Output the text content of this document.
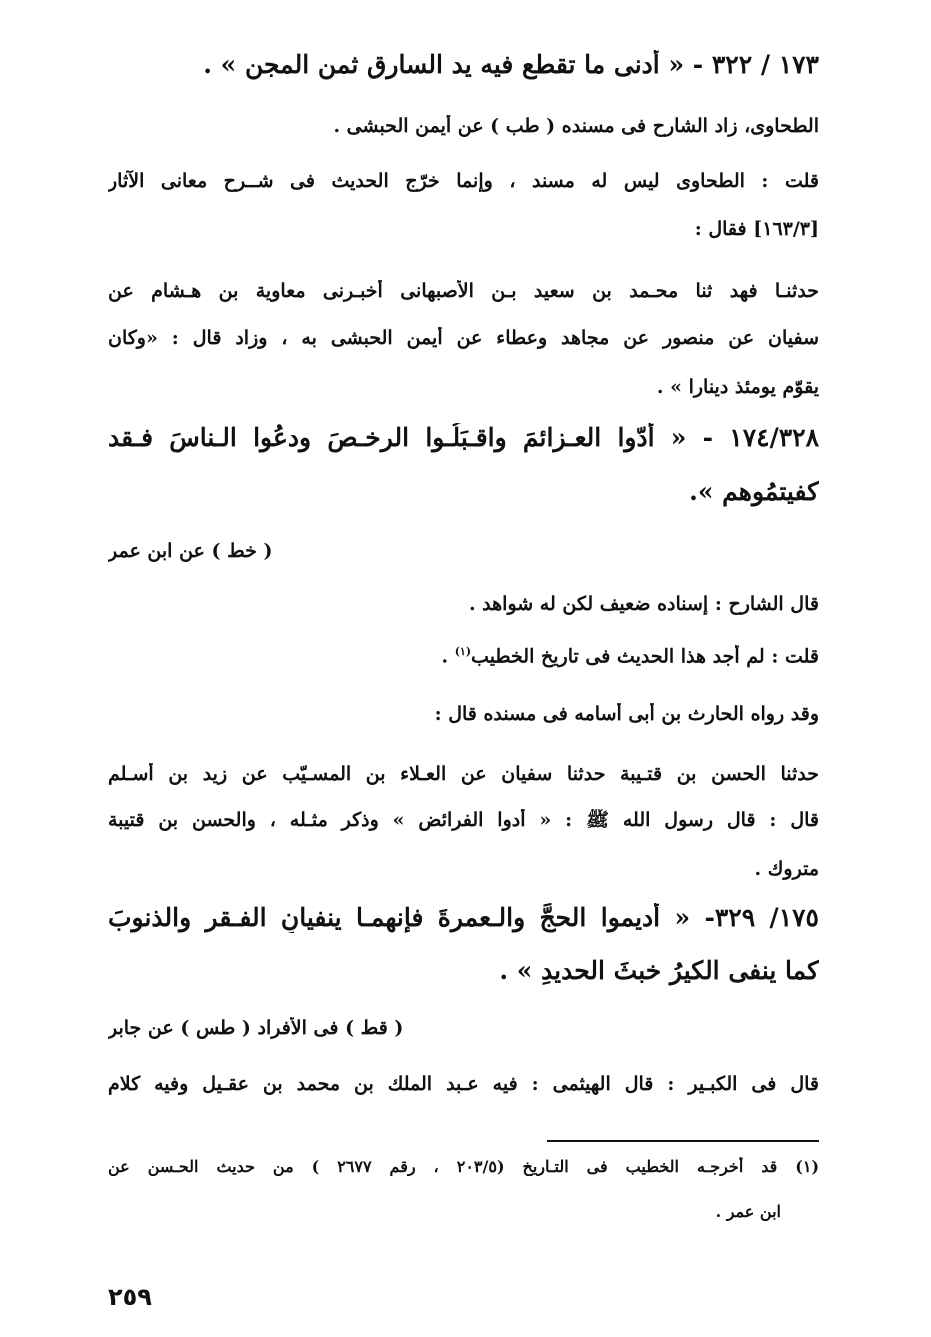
١٧٣ / ٣٢٢ - « أدنى ما تقطع فيه يد السارق ثمن المجن » .
الطحاوى، زاد الشارح فى مسنده ( طب ) عن أيمن الحبشى .
قلت : الطحاوى ليس له مسند ، وإنما خرّج الحديث فى شــرح معانى الآثار
[١٦٣/٣] فقال :
حدثنـا فهد ثنا محـمد بن سعيد بـن الأصبهانى أخبـرنى معاوية بن هـشام عن
سفيان عن منصور عن مجاهد وعطاء عن أيمن الحبشى به ، وزاد قال : «وكان
يقوّم يومئذ دينارا » .
١٧٤/٣٢٨ - « أدّوا العـزائمَ واقـبَلُـوا الرخـصَ ودعُوا الـناسَ فـقد
كفيتمُوهم ».
( خط ) عن ابن عمر
قال الشارح : إسناده ضعيف لكن له شواهد .
قلت : لم أجد هذا الحديث فى تاريخ الخطيب$^{(١)}$ .
وقد رواه الحارث بن أبى أسامه فى مسنده قال :
حدثنا الحسن بن قتـيبة حدثنا سفيان عن العـلاء بن المسـيّب عن زيد بن أسـلم
قال : قال رسول الله ﷺ : « أدوا الفرائض » وذكر مثـله ، والحسن بن قتيبة
متروك .
١٧٥/ ٣٢٩- « أديموا الحجَّ والـعمرةَ فإنهمـا ينفيانِ الفـقر والذنوبَ
كما ينفى الكيرُ خبثَ الحديدِ » .
( قط ) فى الأفراد ( طس ) عن جابر
قال فى الكبـير : قال الهيثمى : فيه عـبد الملك بن محمد بن عقـيل وفيه كلام
(١) قد أخرجـه الخطيب فى التـاريخ (٢٠٣/٥ ، رقم ٢٦٧٧ ) من حديث الحـسن عن
ابن عمر .
٢٥٩
